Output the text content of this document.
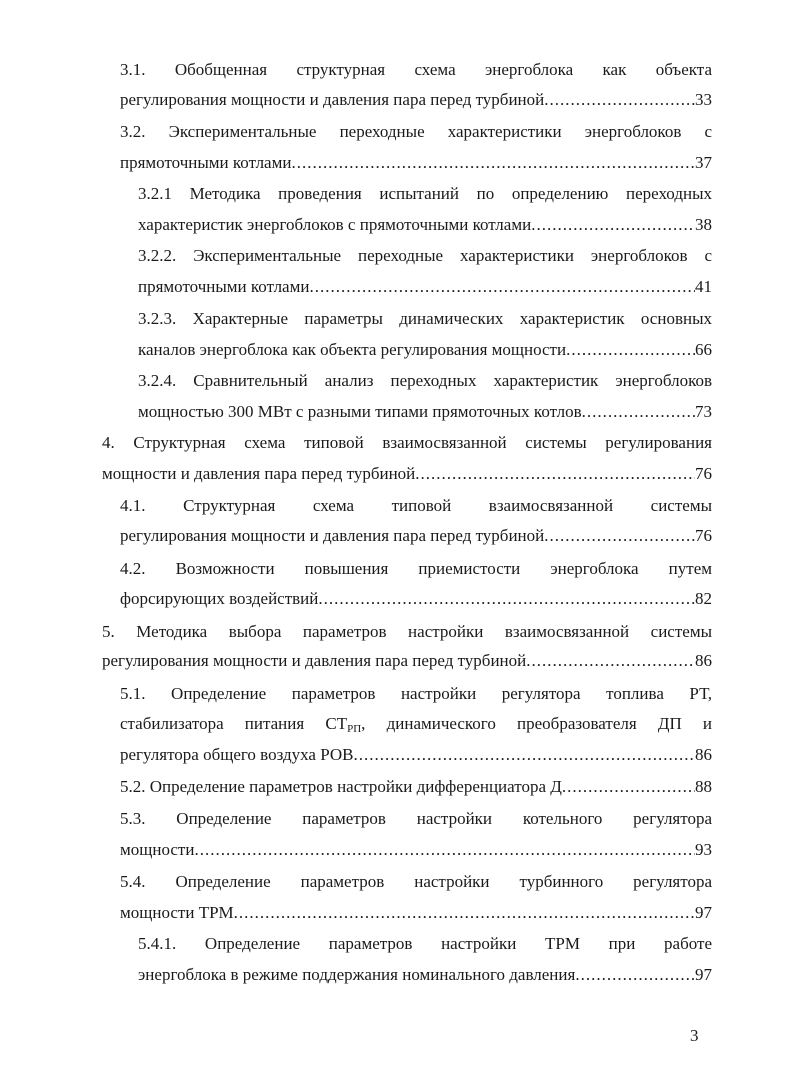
3.1. Обобщенная структурная схема энергоблока как объекта
регулирования мощности и давления пара перед турбиной .....	33
3.2. Экспериментальные переходные характеристики энергоблоков с
прямоточными котлами .....	37
3.2.1 Методика проведения испытаний по определению переходных
характеристик энергоблоков с прямоточными котлами .....	38
3.2.2. Экспериментальные переходные характеристики энергоблоков с
прямоточными котлами .....	41
3.2.3. Характерные параметры динамических характеристик основных
каналов энергоблока как объекта регулирования мощности .....	66
3.2.4. Сравнительный анализ переходных характеристик энергоблоков
мощностью 300 МВт с разными типами прямоточных котлов .....	73
4. Структурная схема типовой взаимосвязанной системы регулирования
мощности и давления пара перед турбиной .....	76
4.1. Структурная схема типовой взаимосвязанной системы
регулирования мощности и давления пара перед турбиной .....	76
4.2. Возможности повышения приемистости энергоблока путем
форсирующих воздействий .....	82
5. Методика выбора параметров настройки взаимосвязанной системы
регулирования мощности и давления пара перед турбиной .....	86
5.1. Определение параметров настройки регулятора топлива РТ,
стабилизатора питания СТРП, динамического преобразователя ДП и
регулятора общего воздуха РОВ .....	86
5.2. Определение параметров настройки дифференциатора Д .....	88
5.3. Определение параметров настройки котельного регулятора
мощности .....	93
5.4. Определение параметров настройки турбинного регулятора
мощности ТРМ .....	97
5.4.1. Определение параметров настройки ТРМ при работе
энергоблока в режиме поддержания номинального давления .....	97
3
